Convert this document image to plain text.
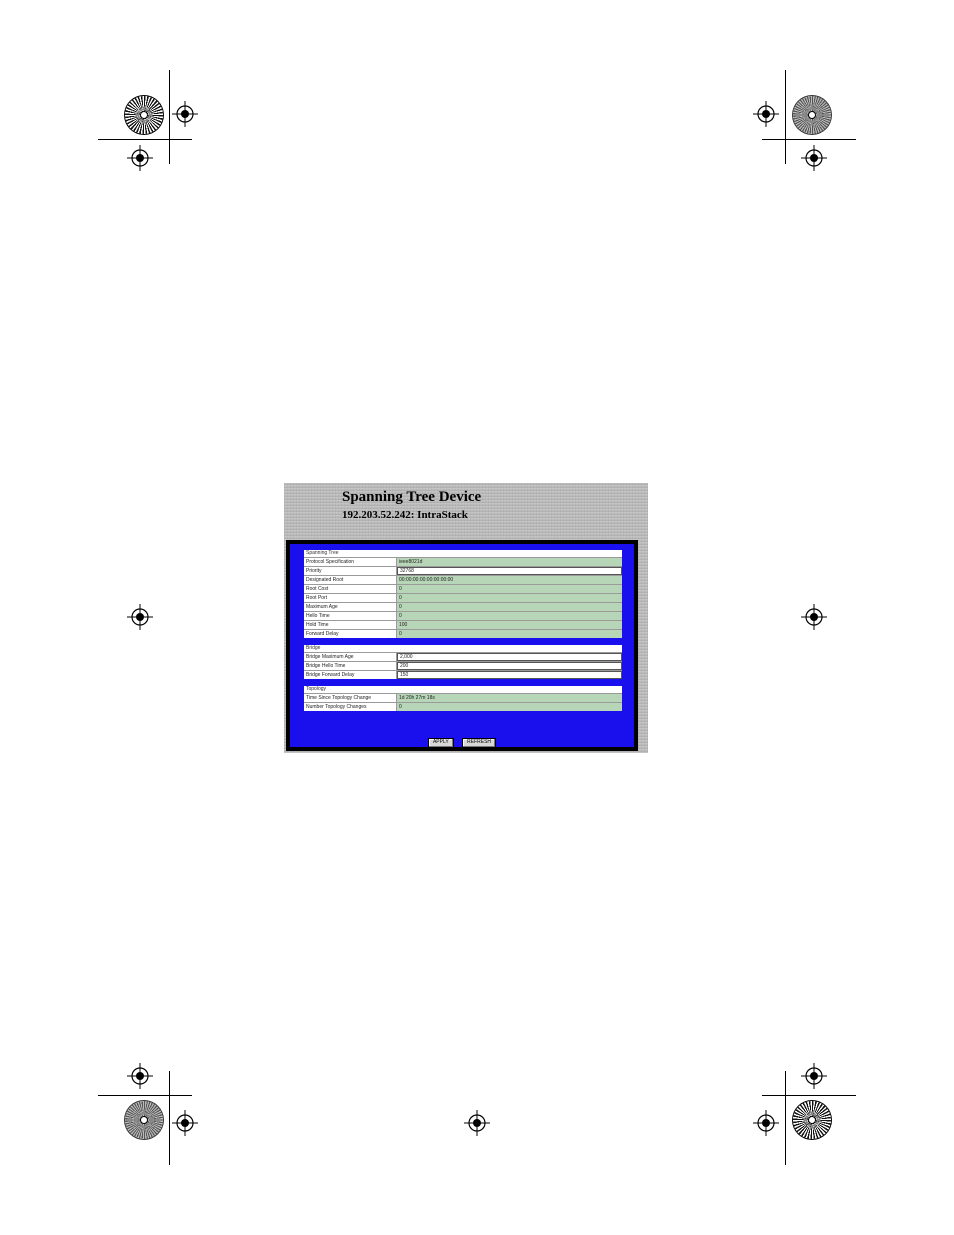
Spanning Tree Device
192.203.52.242: IntraStack
Spanning Tree
Protocol Specification	ieee8021d
Priority	32768
Designated Root	00:00:00:00:00:00:00:00
Root Cost	0
Root Port	0
Maximum Age	0
Hello Time	0
Hold Time	100
Forward Delay	0
Bridge
Bridge Maximum Age	2,000
Bridge Hello Time	200
Bridge Forward Delay	150
Topology
Time Since Topology Change	1d 20h 27m 18s
Number Topology Changes	0
APPLY	REFRESH
